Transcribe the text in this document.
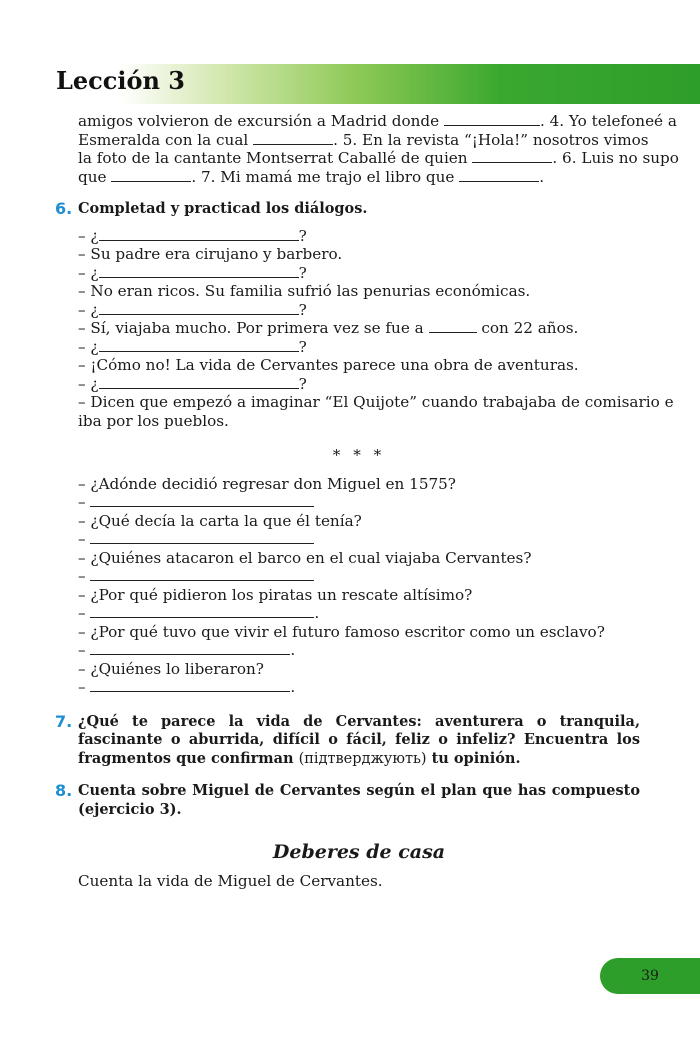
Lección 3
amigos volvieron de excursión a Madrid donde	. 4. Yo telefoneé a
Esmeralda con la cual	. 5. En la revista “¡Hola!” nosotros vimos
la foto de la cantante Montserrat Caballé de quien	. 6. Luis no supo
que	. 7. Mi mamá me trajo el libro que	.
6. Completad y practicad los diálogos.

– ¿	?
– Su padre era cirujano y barbero.
– ¿	?
– No eran ricos. Su familia sufrió las penurias económicas.
– ¿	?
– Sí, viajaba mucho. Por primera vez se fue a	con 22 años.
– ¿	?
– ¡Cómo no! La vida de Cervantes parece una obra de aventuras.
– ¿	?
– Dicen que empezó a imaginar “El Quijote” cuando trabajaba de comisario e
iba por los pueblos.
* * *
– ¿Adónde decidió regresar don Miguel en 1575?
–
– ¿Qué decía la carta la que él tenía?
–
– ¿Quiénes atacaron el barco en el cual viajaba Cervantes?
–
– ¿Por qué pidieron los piratas un rescate altísimo?
–	.
– ¿Por qué tuvo que vivir el futuro famoso escritor como un esclavo?
–	.
– ¿Quiénes lo liberaron?
–	.
7. ¿Qué te parece la vida de Cervantes: aventurera o tranquila, fascinante o aburrida, difícil o fácil, feliz o infeliz? Encuentra los fragmentos que confirman (підтверджують) tu opinión.

8. Cuenta sobre Miguel de Cervantes según el plan que has compuesto (ejercicio 3).

Deberes de casa
Cuenta la vida de Miguel de Cervantes.
39
